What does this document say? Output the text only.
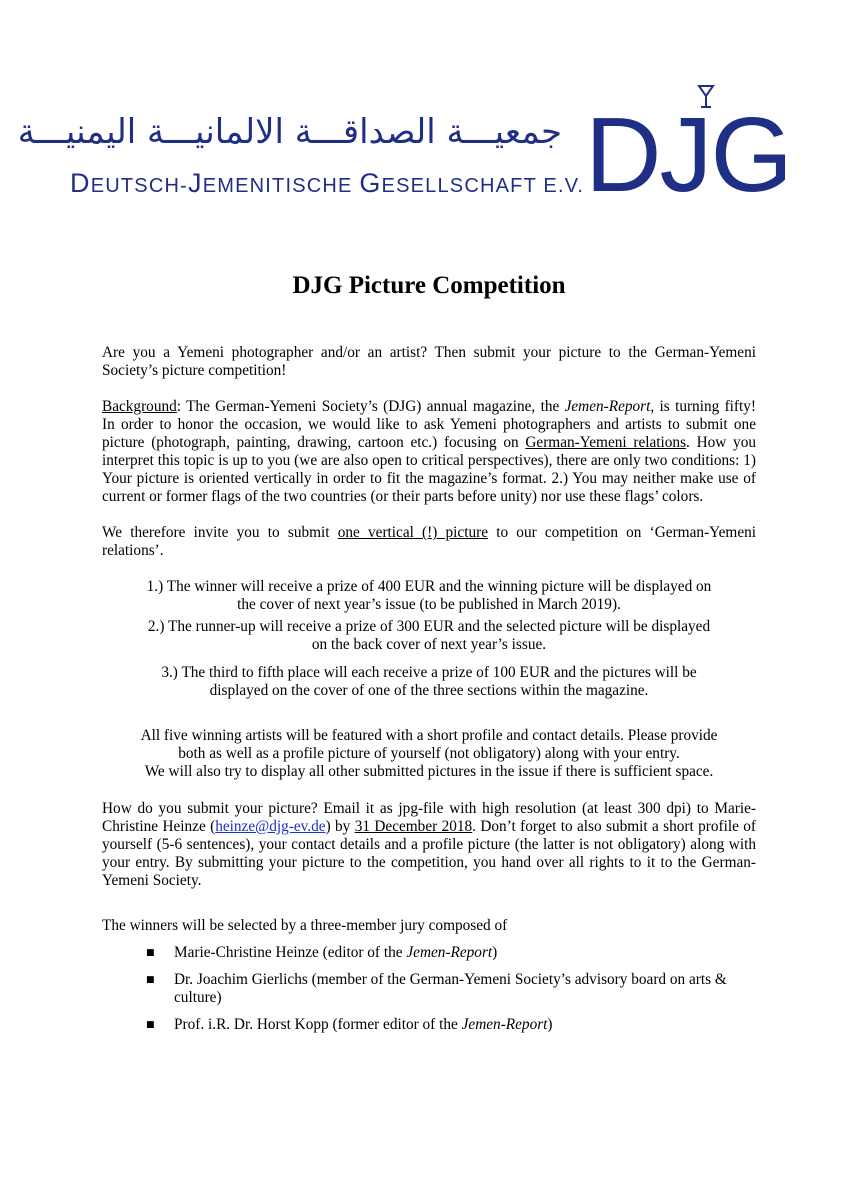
جمعيـــة الصداقـــة الالمانيـــة اليمنيـــة
DEUTSCH-JEMENITISCHE GESELLSCHAFT E.V. DJG
DJG Picture Competition

Are you a Yemeni photographer and/or an artist? Then submit your picture to the German-Yemeni Society’s picture competition!

Background: The German-Yemeni Society’s (DJG) annual magazine, the Jemen-Report, is turning fifty! In order to honor the occasion, we would like to ask Yemeni photographers and artists to submit one picture (photograph, painting, drawing, cartoon etc.) focusing on German-Yemeni relations. How you interpret this topic is up to you (we are also open to critical perspectives), there are only two conditions: 1) Your picture is oriented vertically in order to fit the magazine’s format. 2.) You may neither make use of current or former flags of the two countries (or their parts before unity) nor use these flags’ colors.

We therefore invite you to submit one vertical (!) picture to our competition on ‘German-Yemeni relations’.

1.) The winner will receive a prize of 400 EUR and the winning picture will be displayed on
the cover of next year’s issue (to be published in March 2019).
2.) The runner-up will receive a prize of 300 EUR and the selected picture will be displayed
on the back cover of next year’s issue.
3.) The third to fifth place will each receive a prize of 100 EUR and the pictures will be
displayed on the cover of one of the three sections within the magazine.

All five winning artists will be featured with a short profile and contact details. Please provide
both as well as a profile picture of yourself (not obligatory) along with your entry.
We will also try to display all other submitted pictures in the issue if there is sufficient space.

How do you submit your picture? Email it as jpg-file with high resolution (at least 300 dpi) to Marie-Christine Heinze (heinze@djg-ev.de) by 31 December 2018. Don’t forget to also submit a short profile of yourself (5-6 sentences), your contact details and a profile picture (the latter is not obligatory) along with your entry. By submitting your picture to the competition, you hand over all rights to it to the German-Yemeni Society.

The winners will be selected by a three-member jury composed of

■ Marie-Christine Heinze (editor of the Jemen-Report)
■ Dr. Joachim Gierlichs (member of the German-Yemeni Society’s advisory board on arts & culture)
■ Prof. i.R. Dr. Horst Kopp (former editor of the Jemen-Report)
